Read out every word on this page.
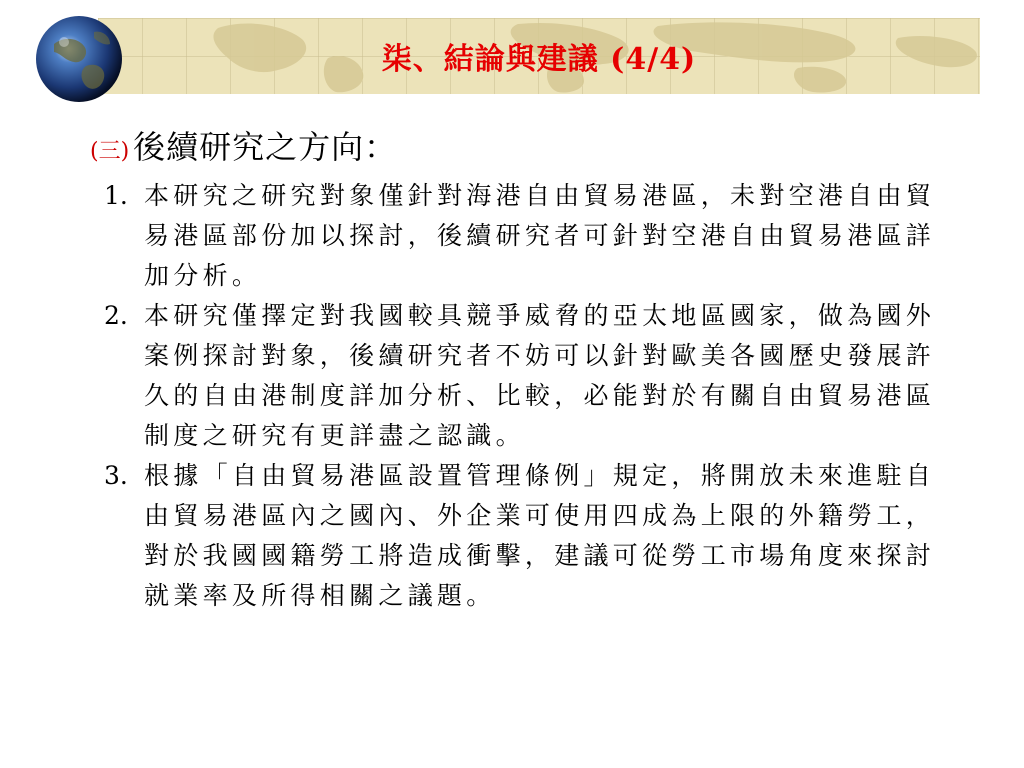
柒、結論與建議 (4/4)
(三) 後續研究之方向：
1. 本研究之研究對象僅針對海港自由貿易港區，未對空港自由貿易港區部份加以探討，後續研究者可針對空港自由貿易港區詳加分析。
2. 本研究僅擇定對我國較具競爭威脅的亞太地區國家，做為國外案例探討對象，後續研究者不妨可以針對歐美各國歷史發展許久的自由港制度詳加分析、比較，必能對於有關自由貿易港區制度之研究有更詳盡之認識。
3. 根據「自由貿易港區設置管理條例」規定，將開放未來進駐自由貿易港區內之國內、外企業可使用四成為上限的外籍勞工，對於我國國籍勞工將造成衝擊，建議可從勞工市場角度來探討就業率及所得相關之議題。
